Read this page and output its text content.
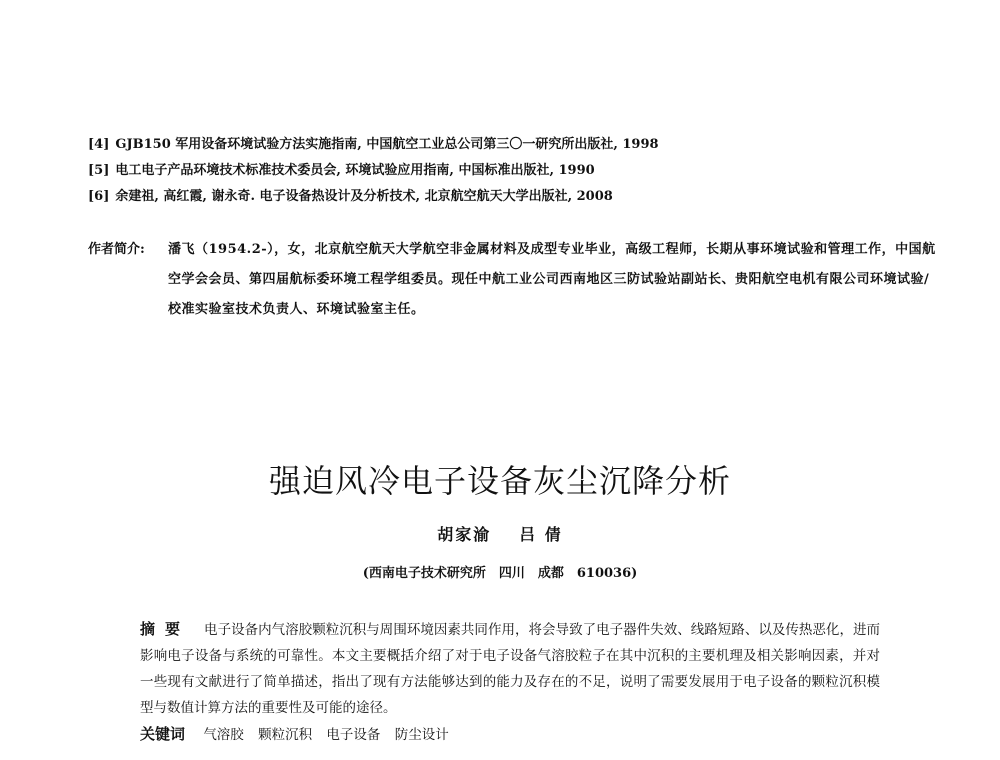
[4] GJB150 军用设备环境试验方法实施指南, 中国航空工业总公司第三〇一研究所出版社, 1998
[5] 电工电子产品环境技术标准技术委员会, 环境试验应用指南, 中国标准出版社, 1990
[6] 余建祖, 高红霞, 谢永奇. 电子设备热设计及分析技术, 北京航空航天大学出版社, 2008
作者简介: 潘飞（1954.2-），女，北京航空航天大学航空非金属材料及成型专业毕业，高级工程师，长期从事环境试验和管理工作，中国航空学会会员、第四届航标委环境工程学组委员。现任中航工业公司西南地区三防试验站副站长、贵阳航空电机有限公司环境试验/校准实验室技术负责人、环境试验室主任。
强迫风冷电子设备灰尘沉降分析
胡家渝 吕 倩
(西南电子技术研究所　四川　成都　610036)
摘要 电子设备内气溶胶颗粒沉积与周围环境因素共同作用，将会导致了电子器件失效、线路短路、以及传热恶化，进而影响电子设备与系统的可靠性。本文主要概括介绍了对于电子设备气溶胶粒子在其中沉积的主要机理及相关影响因素，并对一些现有文献进行了简单描述，指出了现有方法能够达到的能力及存在的不足，说明了需要发展用于电子设备的颗粒沉积模型与数值计算方法的重要性及可能的途径。
关键词 气溶胶 颗粒沉积 电子设备 防尘设计
